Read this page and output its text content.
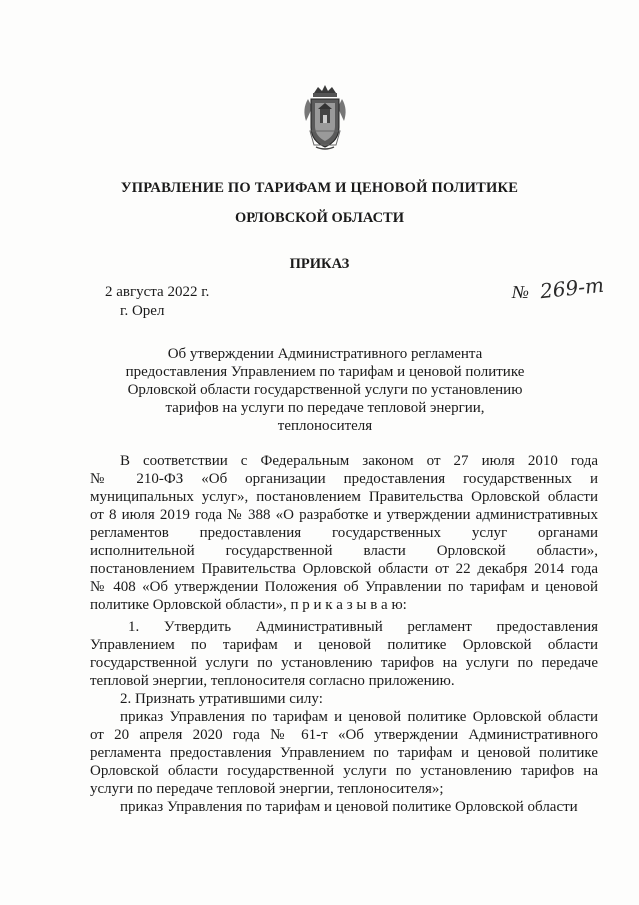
УПРАВЛЕНИЕ ПО ТАРИФАМ И ЦЕНОВОЙ ПОЛИТИКЕ
ОРЛОВСКОЙ ОБЛАСТИ
ПРИКАЗ
2 августа 2022 г.
г. Орел
№ 269-т
Об утверждении Административного регламента
предоставления Управлением по тарифам и ценовой политике
Орловской области государственной услуги по установлению
тарифов на услуги по передаче тепловой энергии,
теплоносителя
В соответствии с Федеральным законом от 27 июля 2010 года
№ 210-ФЗ «Об организации предоставления государственных и
муниципальных услуг», постановлением Правительства Орловской области
от 8 июля 2019 года № 388 «О разработке и утверждении административных
регламентов предоставления государственных услуг органами
исполнительной государственной власти Орловской области»,
постановлением Правительства Орловской области от 22 декабря 2014 года
№ 408 «Об утверждении Положения об Управлении по тарифам и ценовой
политике Орловской области», п р и к а з ы в а ю:
1. Утвердить Административный регламент предоставления
Управлением по тарифам и ценовой политике Орловской области
государственной услуги по установлению тарифов на услуги по передаче
тепловой энергии, теплоносителя согласно приложению.
2. Признать утратившими силу:
приказ Управления по тарифам и ценовой политике Орловской области
от 20 апреля 2020 года № 61-т «Об утверждении Административного
регламента предоставления Управлением по тарифам и ценовой политике
Орловской области государственной услуги по установлению тарифов на
услуги по передаче тепловой энергии, теплоносителя»;
приказ Управления по тарифам и ценовой политике Орловской области
